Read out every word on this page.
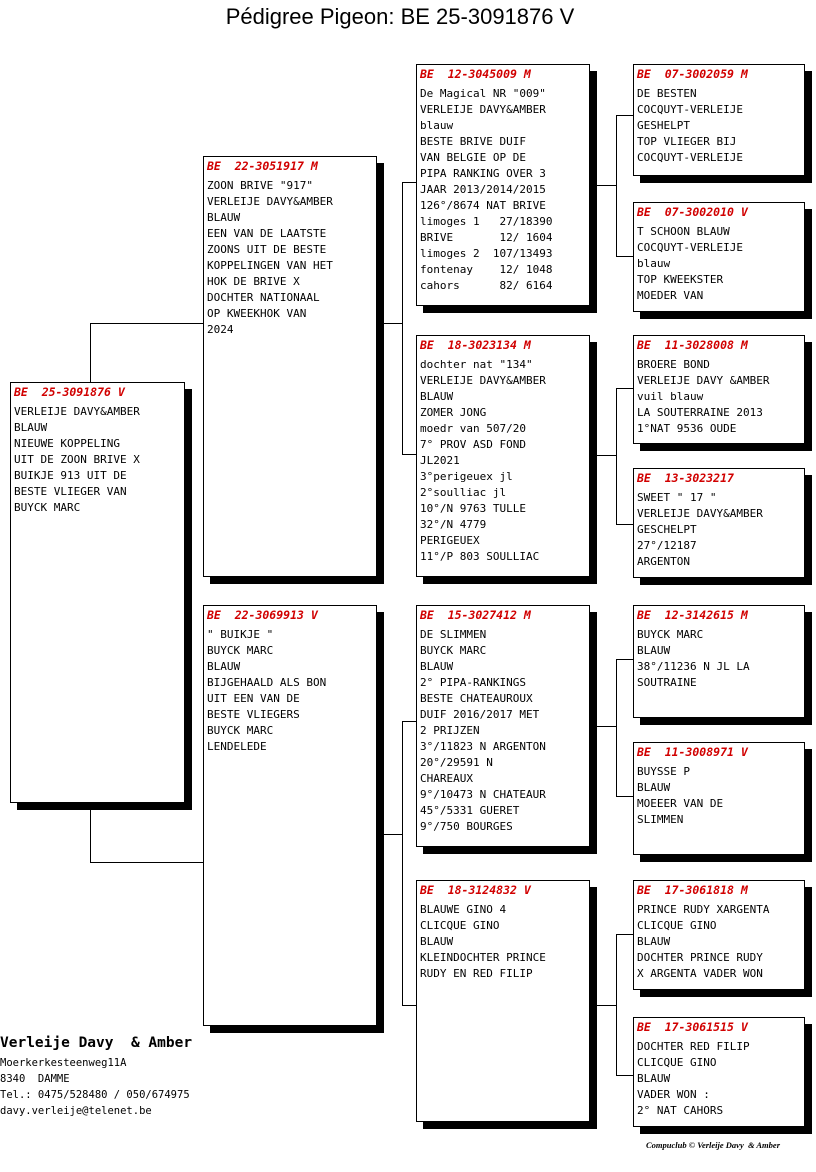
Pédigree Pigeon: BE 25-3091876 V
BE  25-3091876 V
VERLEIJE DAVY&AMBER
BLAUW
NIEUWE KOPPELING
UIT DE ZOON BRIVE X
BUIKJE 913 UIT DE
BESTE VLIEGER VAN
BUYCK MARC
BE  22-3051917 M
ZOON BRIVE "917"
VERLEIJE DAVY&AMBER
BLAUW
EEN VAN DE LAATSTE
ZOONS UIT DE BESTE
KOPPELINGEN VAN HET
HOK DE BRIVE X
DOCHTER NATIONAAL
OP KWEEKHOK VAN
2024
BE  22-3069913 V
" BUIKJE "
BUYCK MARC
BLAUW
BIJGEHAALD ALS BON
UIT EEN VAN DE
BESTE VLIEGERS
BUYCK MARC
LENDELEDE
BE  12-3045009 M
De Magical NR "009"
VERLEIJE DAVY&AMBER
blauw
BESTE BRIVE DUIF
VAN BELGIE OP DE
PIPA RANKING OVER 3
JAAR 2013/2014/2015
126°/8674 NAT BRIVE
limoges 1   27/18390
BRIVE       12/ 1604
limoges 2  107/13493
fontenay    12/ 1048
cahors      82/ 6164
BE  18-3023134 M
dochter nat "134"
VERLEIJE DAVY&AMBER
BLAUW
ZOMER JONG
moedr van 507/20
7° PROV ASD FOND
JL2021
3°perigeuex jl
2°soulliac jl
10°/N 9763 TULLE
32°/N 4779
PERIGEUEX
11°/P 803 SOULLIAC
BE  15-3027412 M
DE SLIMMEN
BUYCK MARC
BLAUW
2° PIPA-RANKINGS
BESTE CHATEAUROUX
DUIF 2016/2017 MET
2 PRIJZEN
3°/11823 N ARGENTON
20°/29591 N
CHAREAUX
9°/10473 N CHATEAUR
45°/5331 GUERET
9°/750 BOURGES
BE  18-3124832 V
BLAUWE GINO 4
CLICQUE GINO
BLAUW
KLEINDOCHTER PRINCE
RUDY EN RED FILIP
BE  07-3002059 M
DE BESTEN
COCQUYT-VERLEIJE
GESHELPT
TOP VLIEGER BIJ
COCQUYT-VERLEIJE
BE  07-3002010 V
T SCHOON BLAUW
COCQUYT-VERLEIJE
blauw
TOP KWEEKSTER
MOEDER VAN
BE  11-3028008 M
BROERE BOND
VERLEIJE DAVY &AMBER
vuil blauw
LA SOUTERRAINE 2013
1°NAT 9536 OUDE
BE  13-3023217
SWEET " 17 "
VERLEIJE DAVY&AMBER
GESCHELPT
27°/12187
ARGENTON
BE  12-3142615 M
BUYCK MARC
BLAUW
38°/11236 N JL LA
SOUTRAINE
BE  11-3008971 V
BUYSSE P
BLAUW
MOEEER VAN DE
SLIMMEN
BE  17-3061818 M
PRINCE RUDY XARGENTA
CLICQUE GINO
BLAUW
DOCHTER PRINCE RUDY
X ARGENTA VADER WON
BE  17-3061515 V
DOCHTER RED FILIP
CLICQUE GINO
BLAUW
VADER WON :
2° NAT CAHORS
Verleije Davy  & Amber
Moerkerkesteenweg11A
8340  DAMME
Tel.: 0475/528480 / 050/674975
davy.verleije@telenet.be
Compuclub © Verleije Davy  & Amber
